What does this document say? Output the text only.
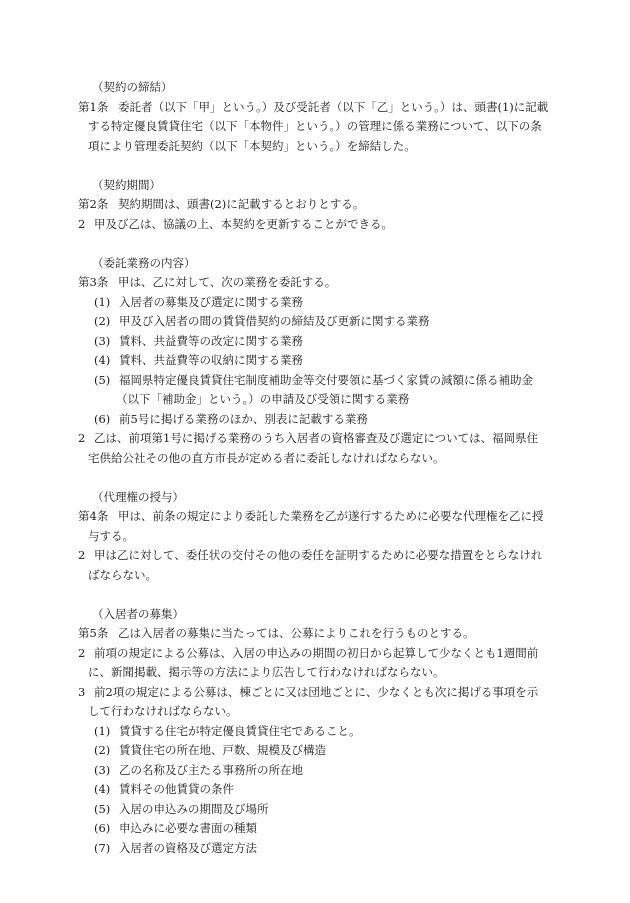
（契約の締結）
第1条 委託者（以下「甲」という。）及び受託者（以下「乙」という。）は、頭書(1)に記載
する特定優良賃貸住宅（以下「本物件」という。）の管理に係る業務について、以下の条
項により管理委託契約（以下「本契約」という。）を締結した。
（契約期間）
第2条 契約期間は、頭書(2)に記載するとおりとする。
2 甲及び乙は、協議の上、本契約を更新することができる。
（委託業務の内容）
第3条 甲は、乙に対して、次の業務を委託する。
(1) 入居者の募集及び選定に関する業務
(2) 甲及び入居者の間の賃貸借契約の締結及び更新に関する業務
(3) 賃料、共益費等の改定に関する業務
(4) 賃料、共益費等の収納に関する業務
(5) 福岡県特定優良賃貸住宅制度補助金等交付要領に基づく家賃の減額に係る補助金
（以下「補助金」という。）の申請及び受領に関する業務
(6) 前5号に掲げる業務のほか、別表に記載する業務
2 乙は、前項第1号に掲げる業務のうち入居者の資格審査及び選定については、福岡県住
宅供給公社その他の直方市長が定める者に委託しなければならない。
（代理権の授与）
第4条 甲は、前条の規定により委託した業務を乙が遂行するために必要な代理権を乙に授
与する。
2 甲は乙に対して、委任状の交付その他の委任を証明するために必要な措置をとらなけれ
ばならない。
（入居者の募集）
第5条 乙は入居者の募集に当たっては、公募によりこれを行うものとする。
2 前項の規定による公募は、入居の申込みの期間の初日から起算して少なくとも1週間前
に、新聞掲載、掲示等の方法により広告して行わなければならない。
3 前2項の規定による公募は、棟ごとに又は団地ごとに、少なくとも次に掲げる事項を示
して行わなければならない。
(1) 賃貸する住宅が特定優良賃貸住宅であること。
(2) 賃貸住宅の所在地、戸数、規模及び構造
(3) 乙の名称及び主たる事務所の所在地
(4) 賃料その他賃貸の条件
(5) 入居の申込みの期間及び場所
(6) 申込みに必要な書面の種類
(7) 入居者の資格及び選定方法
